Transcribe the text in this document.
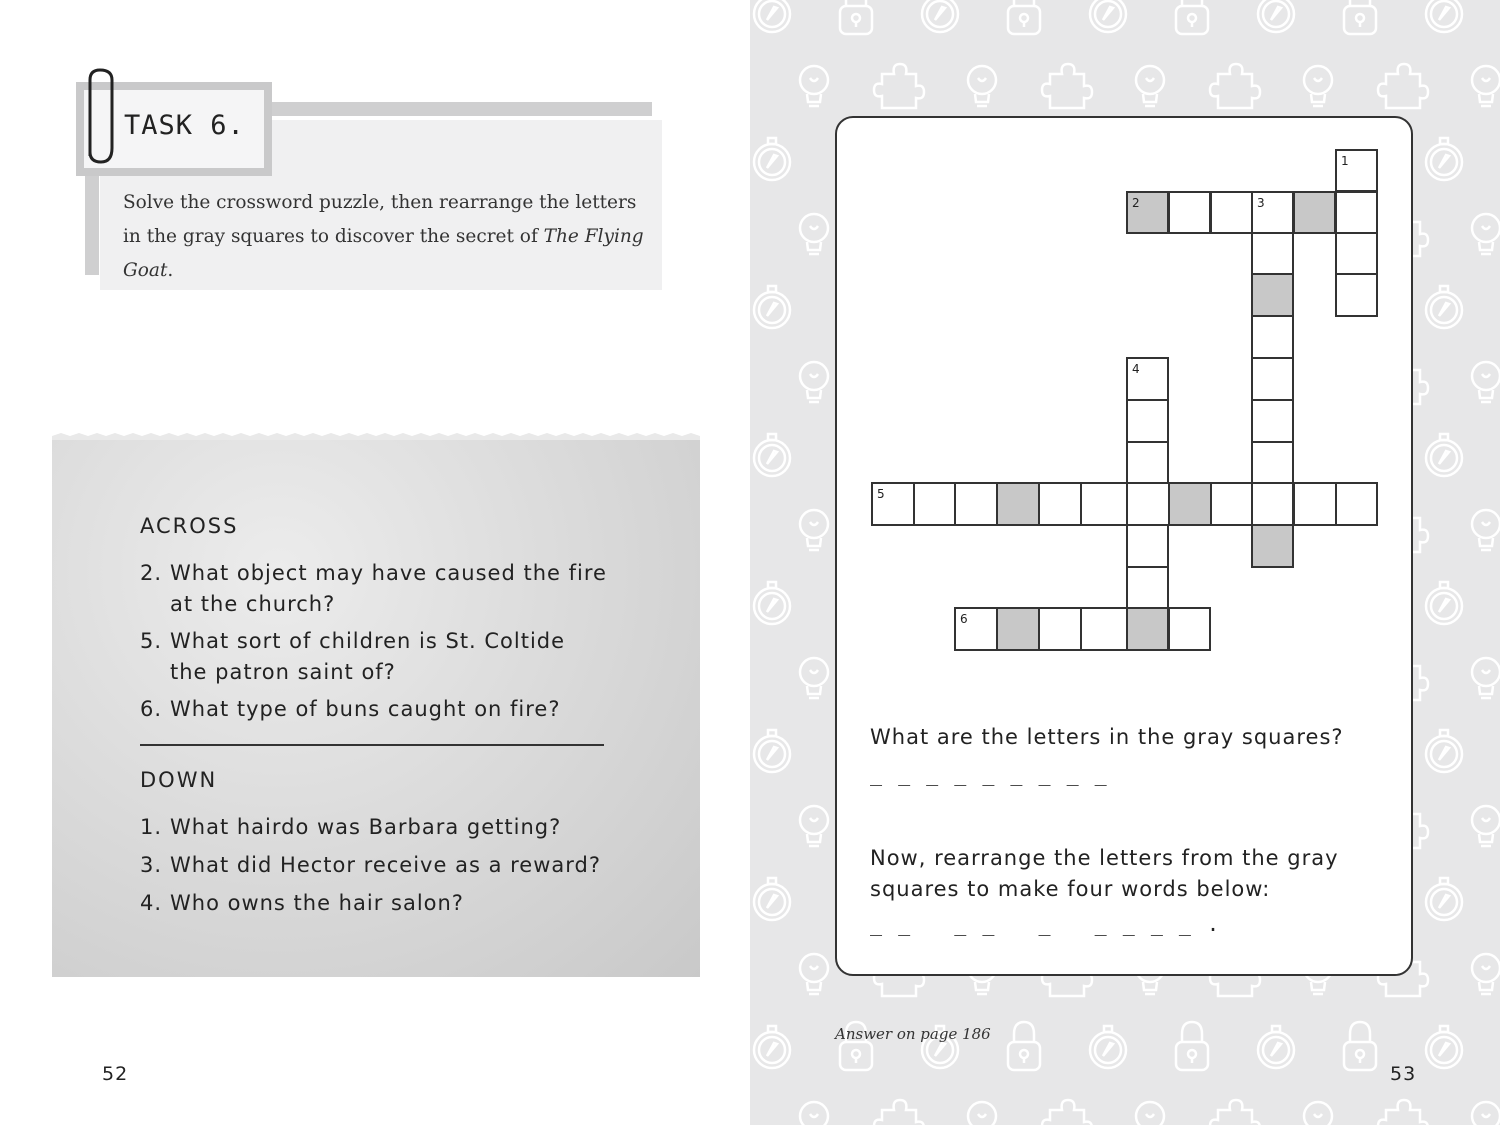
TASK 6.
Solve the crossword puzzle, then rearrange the letters in the gray squares to discover the secret of The Flying Goat.
ACROSS
2. What object may have caused the fire
at the church?
5. What sort of children is St. Coltide
the patron saint of?
6. What type of buns caught on fire?
DOWN
1. What hairdo was Barbara getting?
3. What did Hector receive as a reward?
4. Who owns the hair salon?
52
1
2	3
4
5
6
What are the letters in the gray squares?
_ _ _ _ _ _ _ _ _
Now, rearrange the letters from the gray
squares to make four words below:
_ _   _ _   _   _ _ _ _ .
Answer on page 186
53
